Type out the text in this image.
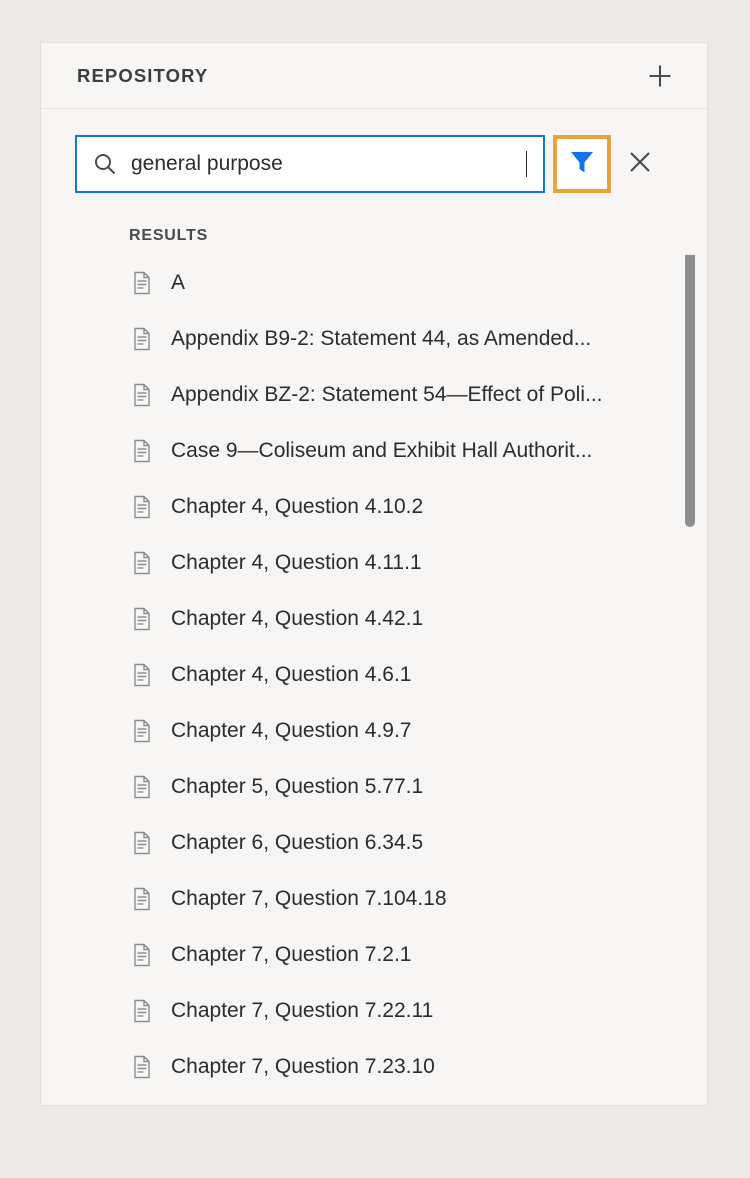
REPOSITORY
general purpose
RESULTS
A
Appendix B9-2: Statement 44, as Amended...
Appendix BZ-2: Statement 54—Effect of Poli...
Case 9—Coliseum and Exhibit Hall Authorit...
Chapter 4, Question 4.10.2
Chapter 4, Question 4.11.1
Chapter 4, Question 4.42.1
Chapter 4, Question 4.6.1
Chapter 4, Question 4.9.7
Chapter 5, Question 5.77.1
Chapter 6, Question 6.34.5
Chapter 7, Question 7.104.18
Chapter 7, Question 7.2.1
Chapter 7, Question 7.22.11
Chapter 7, Question 7.23.10
